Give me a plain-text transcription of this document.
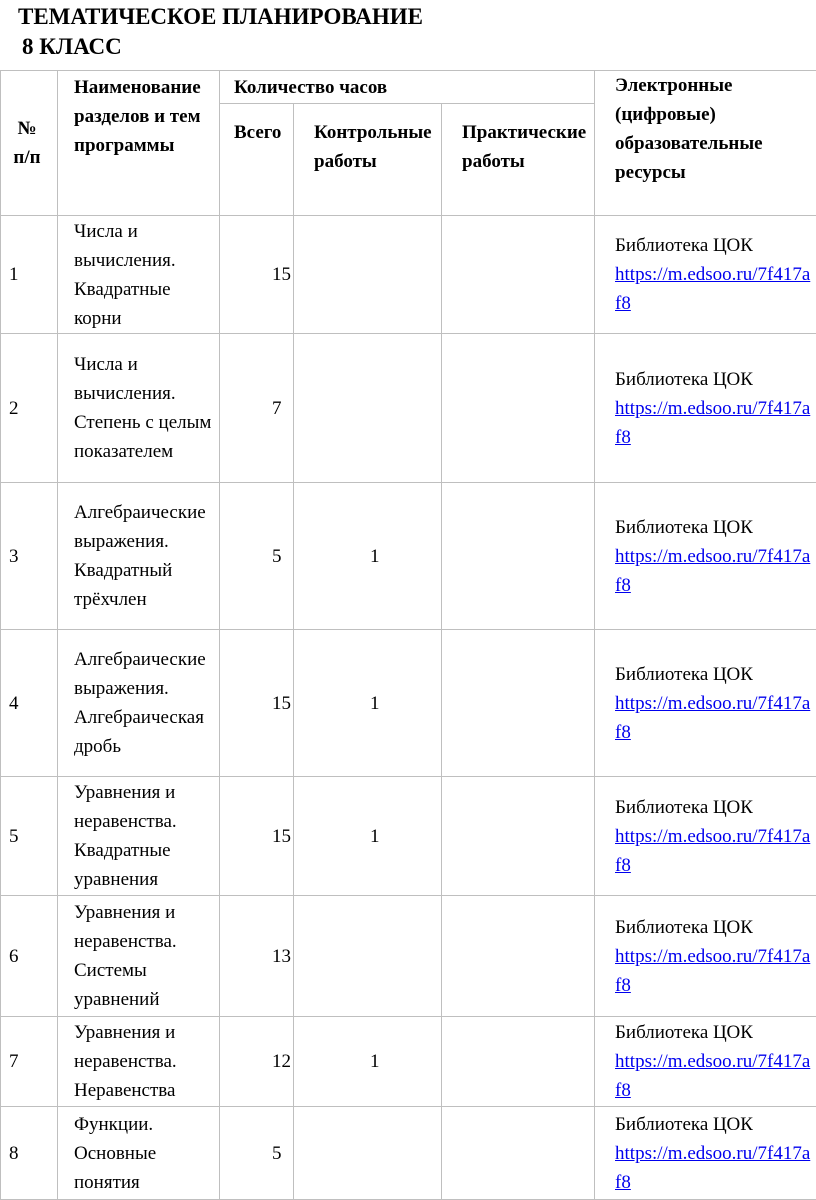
ТЕМАТИЧЕСКОЕ ПЛАНИРОВАНИЕ
8 КЛАСС
№ п/п	Наименование разделов и тем программы	Количество часов			Электронные (цифровые) образовательные ресурсы
		Всего	Контрольные работы	Практические работы	
1	Числа и вычисления. Квадратные корни	15			Библиотека ЦОК
https://m.edsoo.ru/7f417af8
2	Числа и вычисления. Степень с целым показателем	7			Библиотека ЦОК
https://m.edsoo.ru/7f417af8
3	Алгебраические выражения. Квадратный трёхчлен	5	1		Библиотека ЦОК
https://m.edsoo.ru/7f417af8
4	Алгебраические выражения. Алгебраическая дробь	15	1		Библиотека ЦОК
https://m.edsoo.ru/7f417af8
5	Уравнения и неравенства. Квадратные уравнения	15	1		Библиотека ЦОК
https://m.edsoo.ru/7f417af8
6	Уравнения и неравенства. Системы уравнений	13			Библиотека ЦОК
https://m.edsoo.ru/7f417af8
7	Уравнения и неравенства. Неравенства	12	1		Библиотека ЦОК
https://m.edsoo.ru/7f417af8
8	Функции. Основные понятия	5			Библиотека ЦОК
https://m.edsoo.ru/7f417af8
